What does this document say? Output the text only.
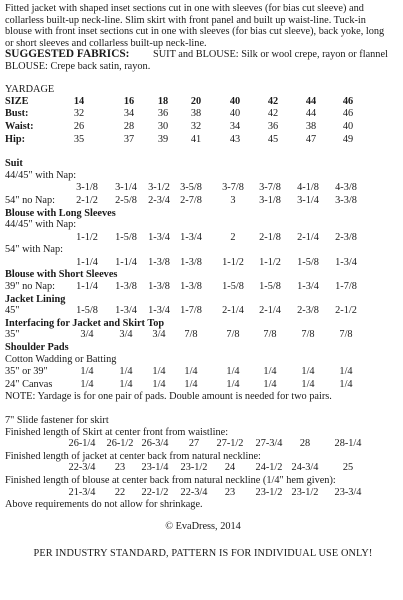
Fitted jacket with shaped inset sections cut in one with sleeves (for bias cut sleeve) and
collarless built-up neck-line. Slim skirt with front panel and built up waist-line. Tuck-in
blouse with front inset sections cut in one with sleeves (for bias cut sleeve), back yoke, long
or short sleeves and collarless built-up neck-line.
SUGGESTED FABRICS:	SUIT and BLOUSE: Silk or wool crepe, rayon or flannel
BLOUSE: Crepe back satin, rayon.
YARDAGE
SIZE	14	16 18 20	40	42	44	46
Bust:	32	34 36 38	40	42	44	46
Waist:	26	28 30 32	34	36	38	40
Hip:	35	37 39 41	43	45	47	49
Suit
44/45" with Nap:
3-1/8 3-1/4 3-1/2 3-5/8 3-7/8 3-7/8 4-1/8 4-3/8
54" no Nap: 2-1/2 2-5/8 2-3/4 2-7/8	3 3-1/8 3-1/4 3-3/8
Blouse with Long Sleeves
44/45" with Nap:
1-1/2 1-5/8 1-3/4 1-3/4	2 2-1/8 2-1/4 2-3/8
54" with Nap:
1-1/4 1-1/4 1-3/8 1-3/8 1-1/2 1-1/2 1-5/8 1-3/4
Blouse with Short Sleeves
39" no Nap: 1-1/4 1-3/8 1-3/8 1-3/8 1-5/8 1-5/8 1-3/4 1-7/8
Jacket Lining
45"	1-5/8 1-3/4 1-3/4 1-7/8 2-1/4 2-1/4 2-3/8 2-1/2
Interfacing for Jacket and Skirt Top
35"	3/4	3/4 3/4 7/8	7/8 7/8 7/8 7/8
Shoulder Pads
Cotton Wadding or Batting
35" or 39"	1/4	1/4 1/4 1/4	1/4 1/4 1/4 1/4
24" Canvas	1/4	1/4 1/4 1/4	1/4 1/4 1/4 1/4
NOTE: Yardage is for one pair of pads. Double amount is needed for two pairs.
7" Slide fastener for skirt
Finished length of Skirt at center front from waistline:
26-1/4 26-1/2 26-3/4 27 27-1/2 27-3/4 28 28-1/4
Finished length of jacket at center back from natural neckline:
22-3/4 23 23-1/4 23-1/2 24 24-1/2 24-3/4 25
Finished length of blouse at center back from natural neckline (1/4" hem given):
21-3/4 22 22-1/2 22-3/4 23 23-1/2 23-1/2 23-3/4
Above requirements do not allow for shrinkage.
© EvaDress, 2014
PER INDUSTRY STANDARD, PATTERN IS FOR INDIVIDUAL USE ONLY!
